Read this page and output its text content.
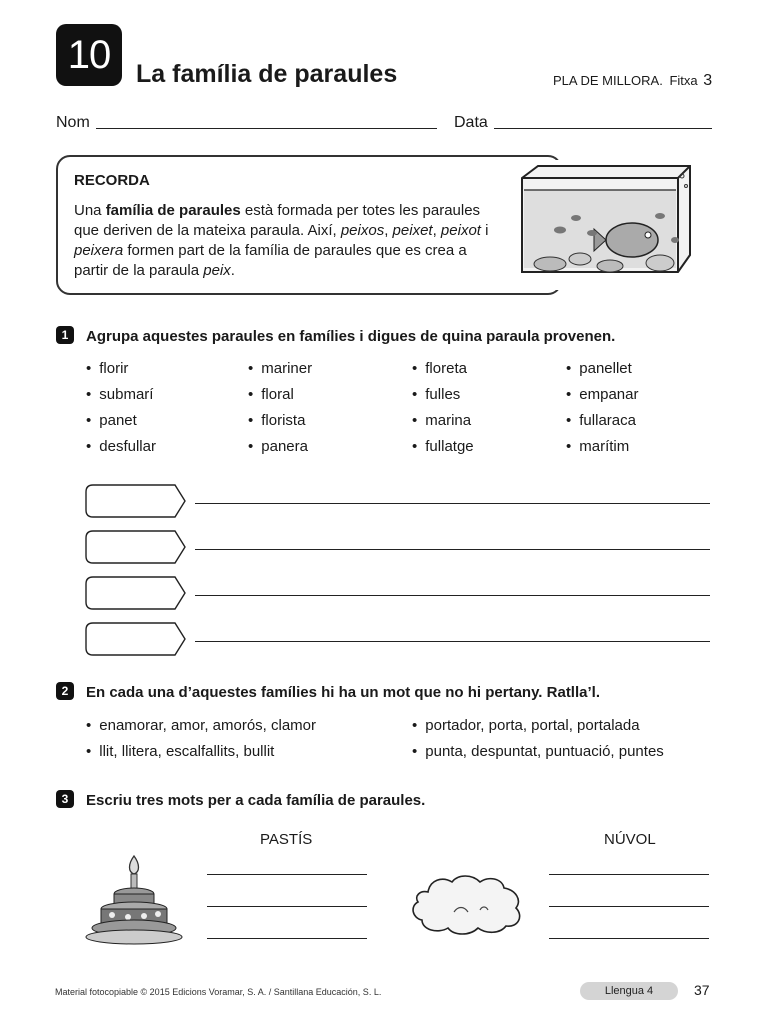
10	La família de paraules	PLA DE MILLORA. Fitxa 3
Nom	Data
RECORDA
Una família de paraules està formada per totes les paraules que deriven de la mateixa paraula. Així, peixos, peixet, peixot i peixera formen part de la família de paraules que es crea a partir de la paraula peix.
1	Agrupa aquestes paraules en famílies i digues de quina paraula provenen.
• florir
• submarí
• panet
• desfullar
• mariner
• floral
• florista
• panera
• floreta
• fulles
• marina
• fullatge
• panellet
• empanar
• fullaraca
• marítim
2	En cada una d’aquestes famílies hi ha un mot que no hi pertany. Ratlla’l.
• enamorar, amor, amorós, clamor
• llit, llitera, escalfallits, bullit
• portador, porta, portal, portalada
• punta, despuntat, puntuació, puntes
3	Escriu tres mots per a cada família de paraules.
PASTÍS	NÚVOL
Material fotocopiable © 2015 Edicions Voramar, S. A. / Santillana Educación, S. L.	Llengua 4	37
